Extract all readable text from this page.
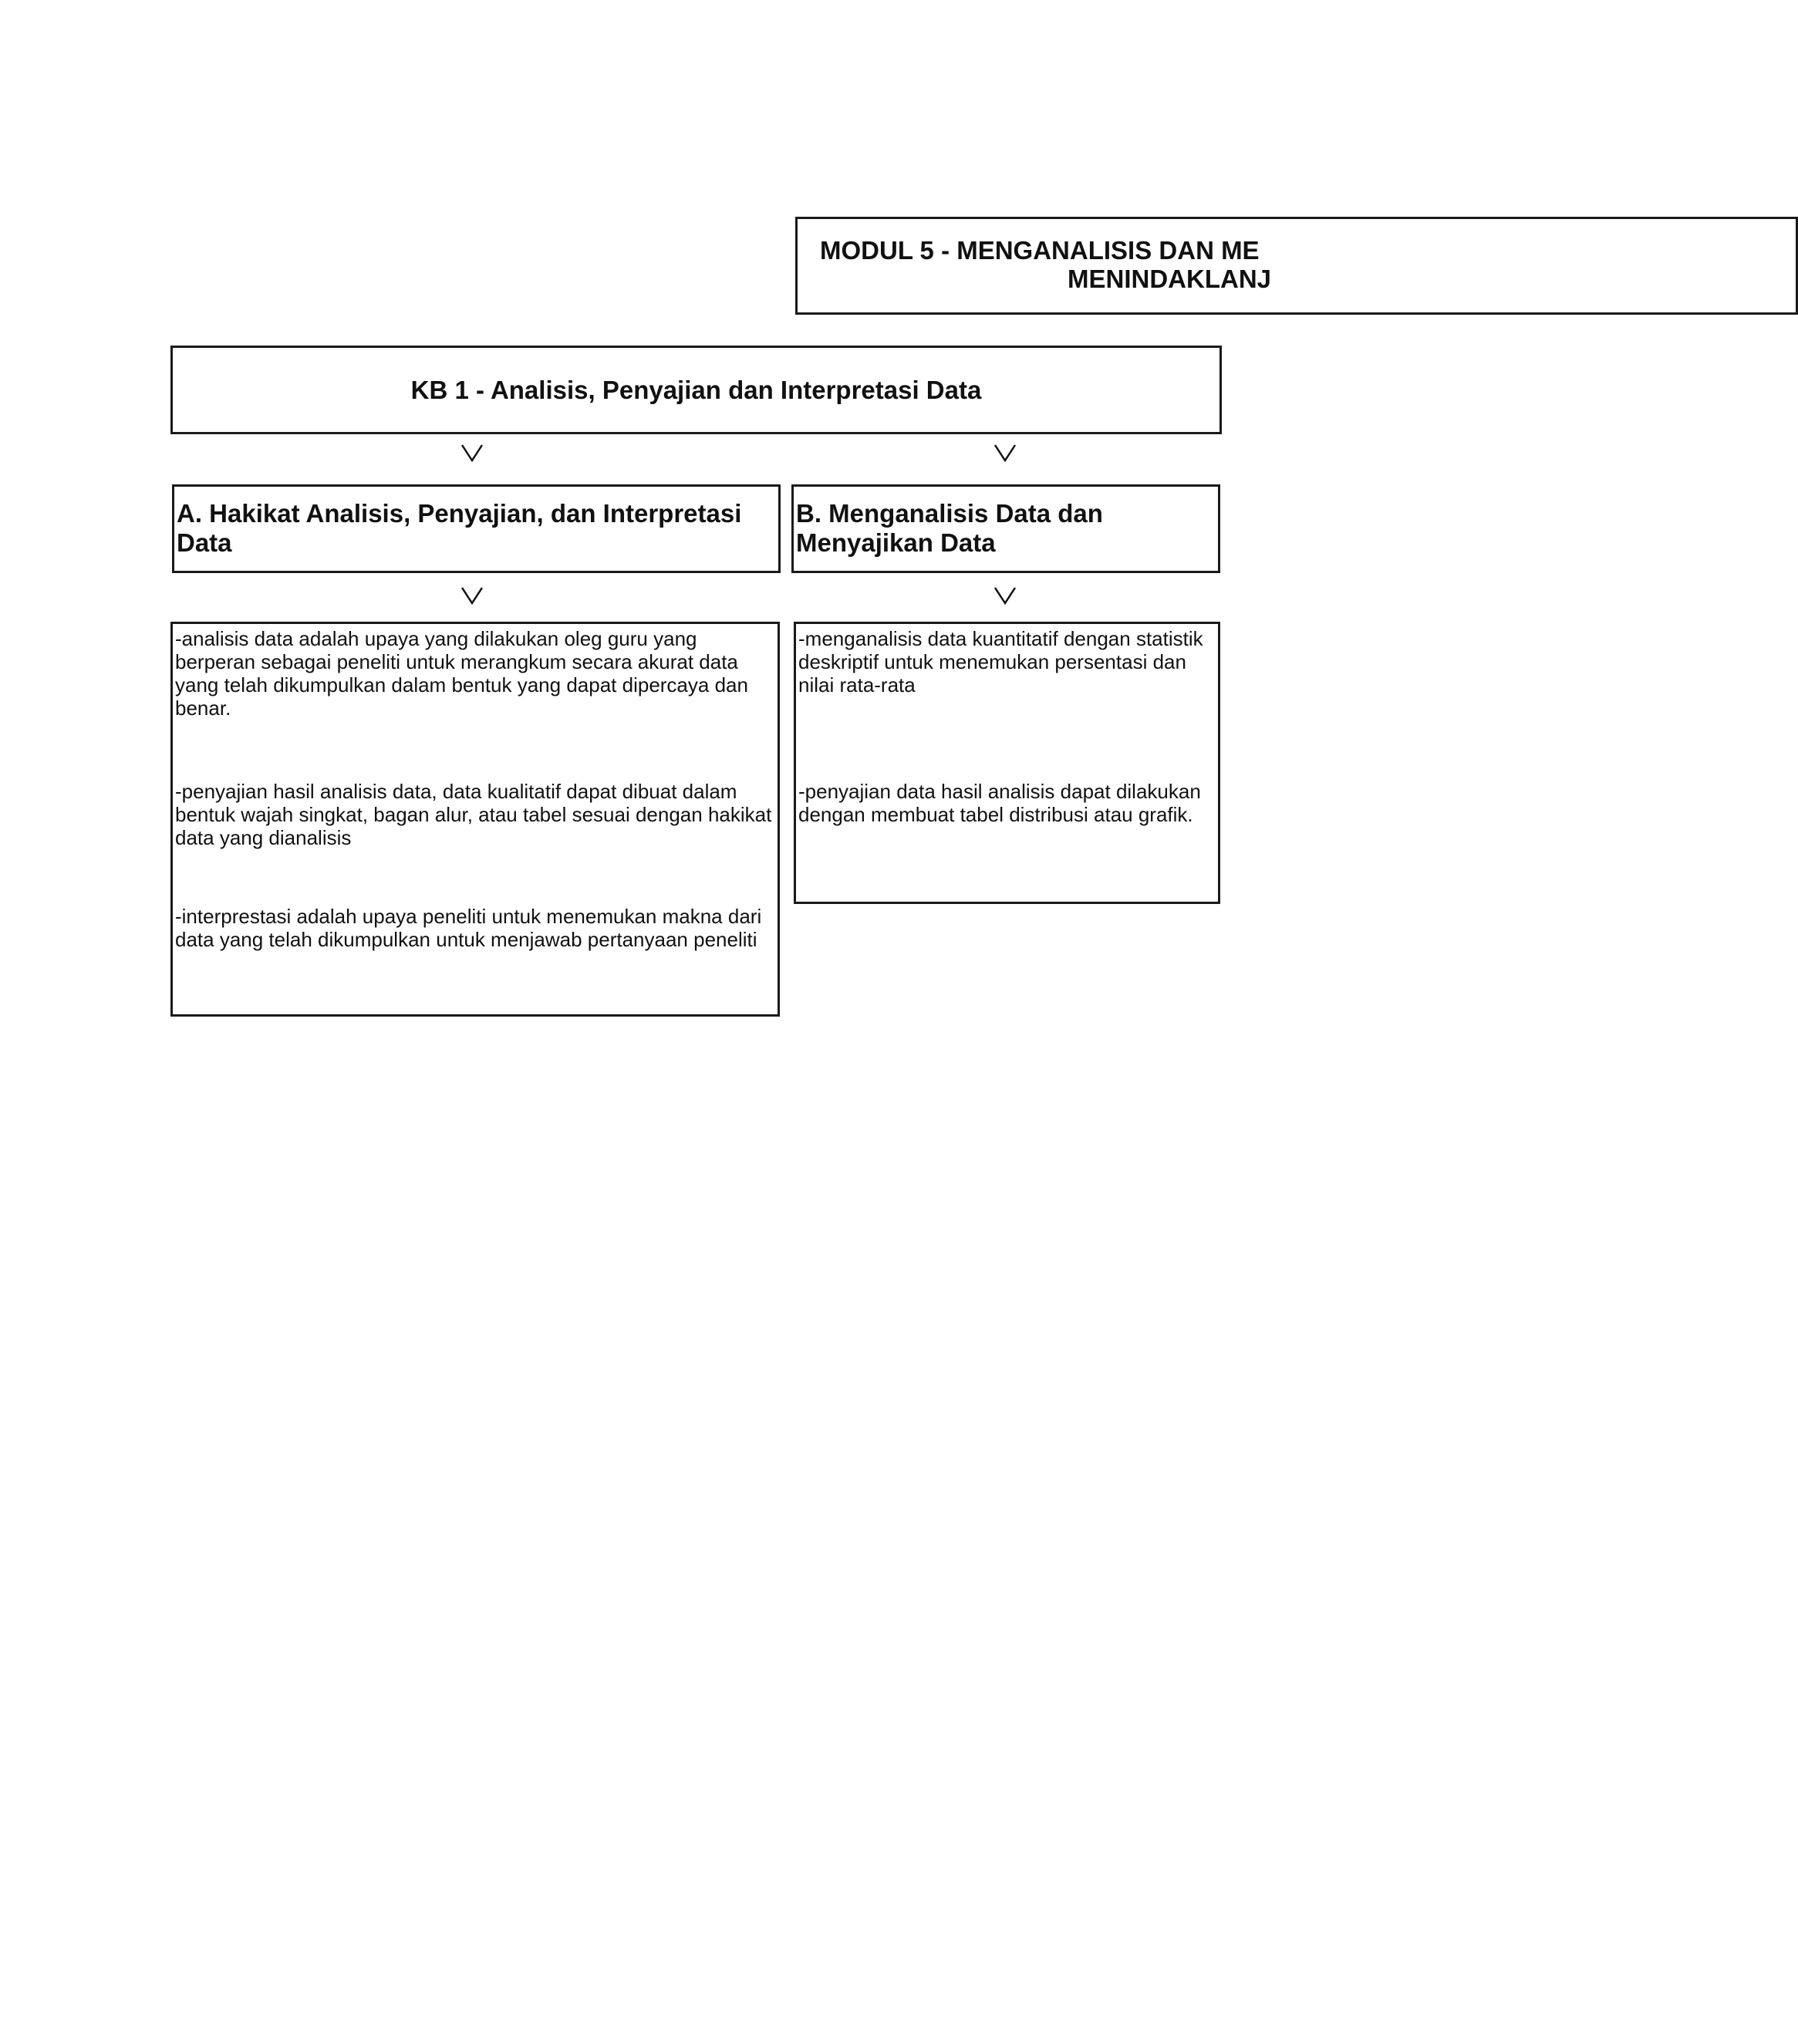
MODUL 5 - MENGANALISIS DAN ME
MENINDAKLANJ
KB 1 - Analisis, Penyajian dan Interpretasi Data
A. Hakikat Analisis, Penyajian, dan Interpretasi Data
B. Menganalisis Data dan Menyajikan Data
-analisis data adalah upaya yang dilakukan oleg guru yang berperan sebagai peneliti untuk merangkum secara akurat data yang telah dikumpulkan dalam bentuk yang dapat dipercaya dan benar.
-penyajian hasil analisis data, data kualitatif dapat dibuat dalam bentuk wajah singkat, bagan alur, atau tabel sesuai dengan hakikat data yang dianalisis
-interprestasi adalah upaya peneliti untuk menemukan makna dari data yang telah dikumpulkan untuk menjawab pertanyaan peneliti
-menganalisis data kuantitatif dengan statistik deskriptif untuk menemukan persentasi dan nilai rata-rata
-penyajian data hasil analisis dapat dilakukan dengan membuat tabel distribusi atau grafik.
